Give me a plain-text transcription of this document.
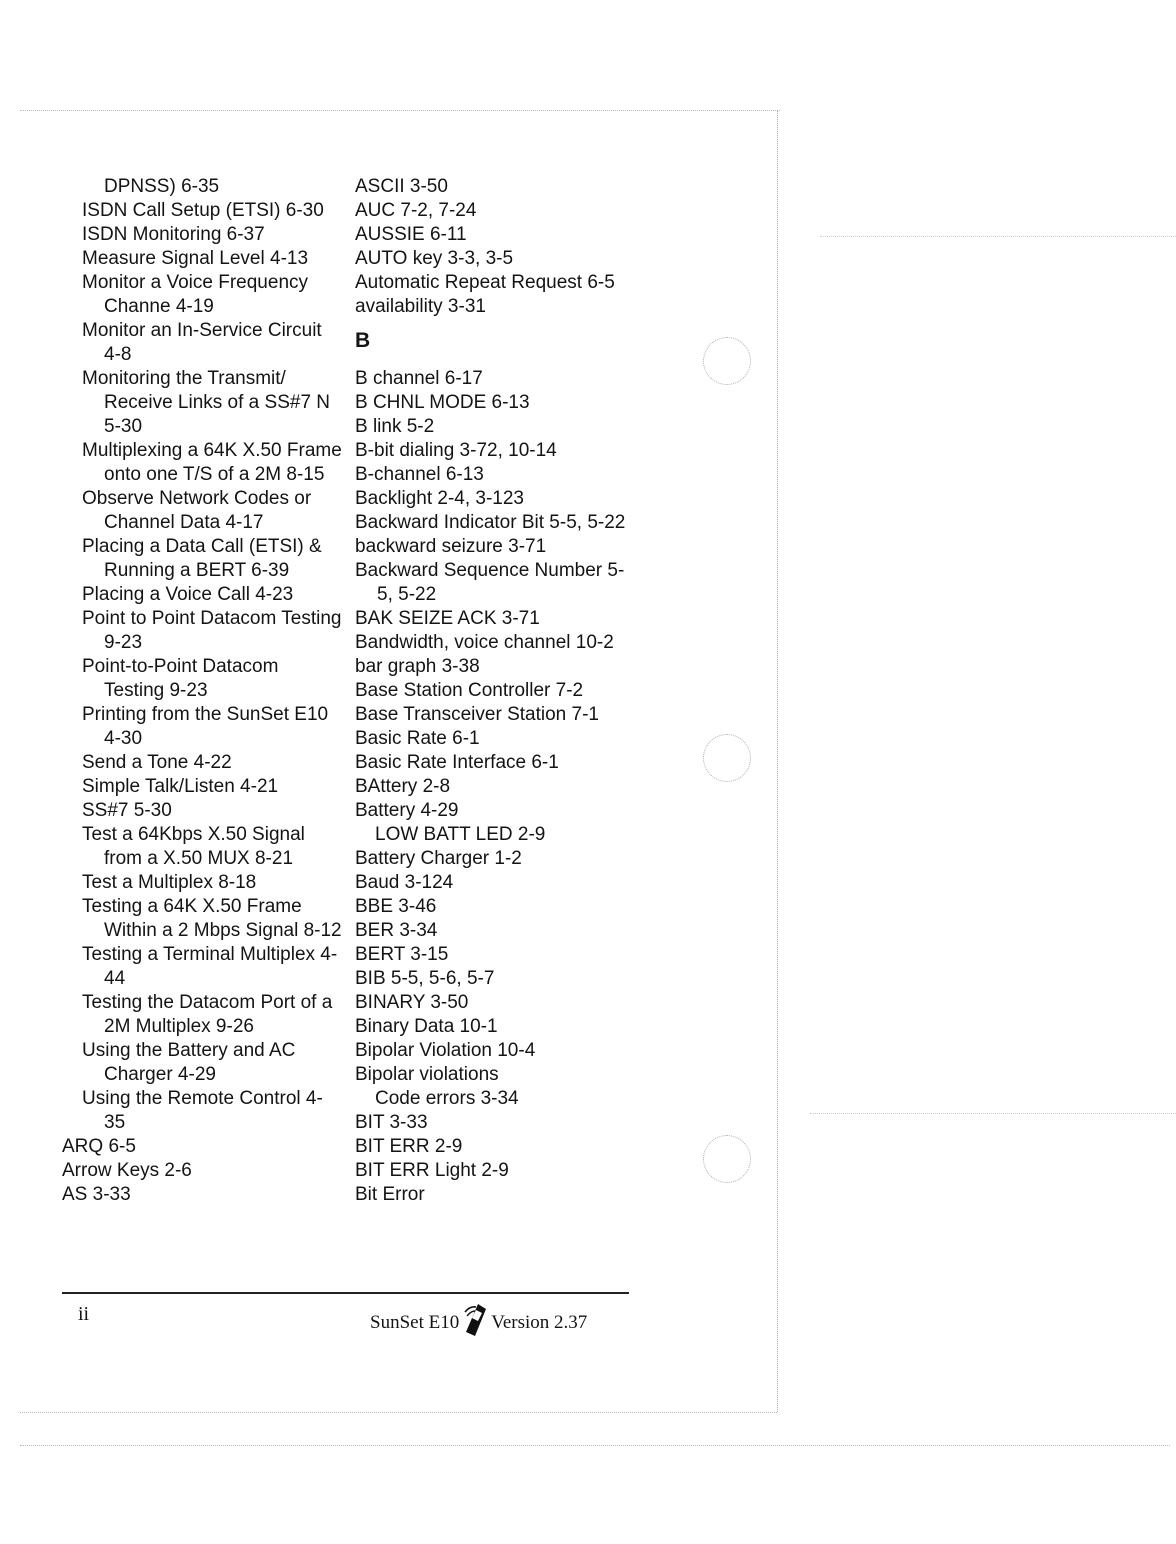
DPNSS) 6-35
ISDN Call Setup (ETSI) 6-30
ISDN Monitoring 6-37
Measure Signal Level 4-13
Monitor a Voice Frequency Channe 4-19
Monitor an In-Service Circuit 4-8
Monitoring the Transmit/ Receive Links of a SS#7 N 5-30
Multiplexing a 64K X.50 Frame onto one T/S of a 2M 8-15
Observe Network Codes or Channel Data 4-17
Placing a Data Call (ETSI) & Running a BERT 6-39
Placing a Voice Call 4-23
Point to Point Datacom Testing 9-23
Point-to-Point Datacom Testing 9-23
Printing from the SunSet E10 4-30
Send a Tone 4-22
Simple Talk/Listen 4-21
SS#7 5-30
Test a 64Kbps X.50 Signal from a X.50 MUX 8-21
Test a Multiplex 8-18
Testing a 64K X.50 Frame Within a 2 Mbps Signal 8-12
Testing a Terminal Multiplex 4-44
Testing the Datacom Port of a 2M Multiplex 9-26
Using the Battery and AC Charger 4-29
Using the Remote Control 4-35
ARQ 6-5
Arrow Keys 2-6
AS 3-33
ASCII 3-50
AUC 7-2, 7-24
AUSSIE 6-11
AUTO key 3-3, 3-5
Automatic Repeat Request 6-5
availability 3-31
B
B channel 6-17
B CHNL MODE 6-13
B link 5-2
B-bit dialing 3-72, 10-14
B-channel 6-13
Backlight 2-4, 3-123
Backward Indicator Bit 5-5, 5-22
backward seizure 3-71
Backward Sequence Number 5-5, 5-22
BAK SEIZE ACK 3-71
Bandwidth, voice channel 10-2
bar graph 3-38
Base Station Controller 7-2
Base Transceiver Station 7-1
Basic Rate 6-1
Basic Rate Interface 6-1
BAttery 2-8
Battery 4-29
LOW BATT LED 2-9
Battery Charger 1-2
Baud 3-124
BBE 3-46
BER 3-34
BERT 3-15
BIB 5-5, 5-6, 5-7
BINARY 3-50
Binary Data 10-1
Bipolar Violation 10-4
Bipolar violations
Code errors 3-34
BIT 3-33
BIT ERR 2-9
BIT ERR Light 2-9
Bit Error
ii	SunSet E10 Version 2.37
